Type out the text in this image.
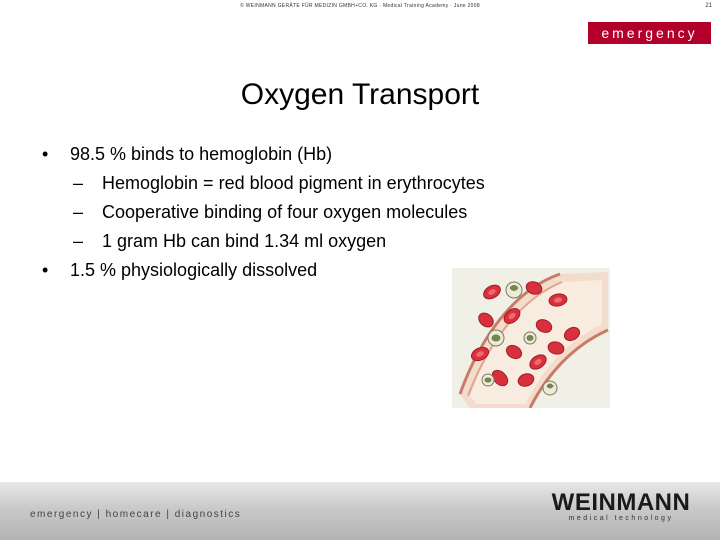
© WEINMANN GERÄTE FÜR MEDIZIN GMBH+CO. KG · Medical Training Academy · June 2008	21
emergency
Oxygen Transport
• 98.5 % binds to hemoglobin (Hb)
– Hemoglobin = red blood pigment in erythrocytes
– Cooperative binding of four oxygen molecules
– 1 gram Hb can bind 1.34 ml oxygen
• 1.5 % physiologically dissolved
emergency | homecare | diagnostics	WEINMANN
medical technology
